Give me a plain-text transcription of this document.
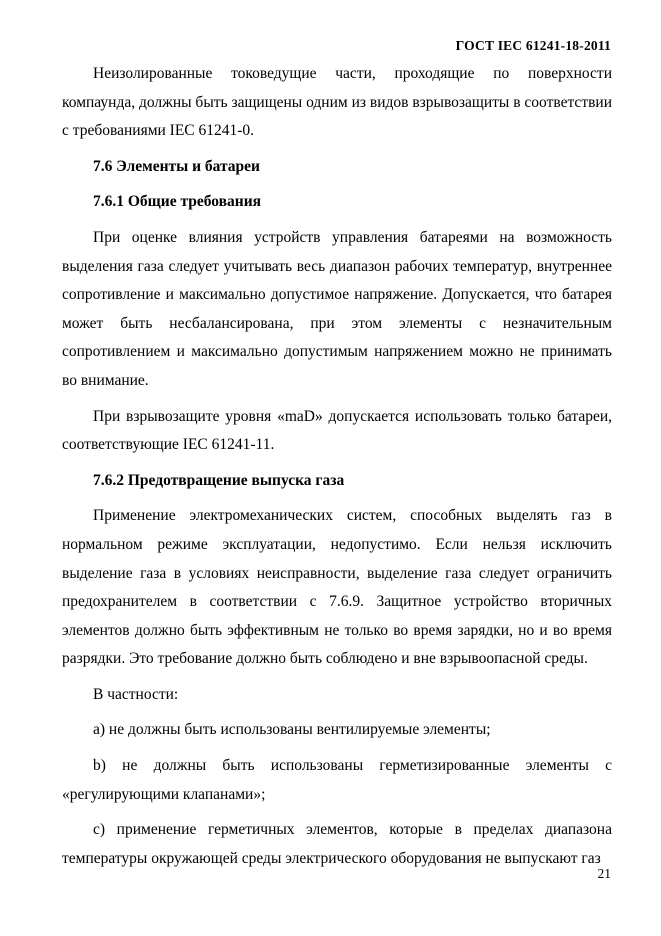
ГОСТ IEC 61241-18-2011

Неизолированные токоведущие части, проходящие по поверхности компаунда, должны быть защищены одним из видов взрывозащиты в соответствии с требованиями IEC 61241-0.

7.6 Элементы и батареи
7.6.1 Общие требования

При оценке влияния устройств управления батареями на возможность выделения газа следует учитывать весь диапазон рабочих температур, внутреннее сопротивление и максимально допустимое напряжение. Допускается, что батарея может быть несбалансирована, при этом элементы с незначительным сопротивлением и максимально допустимым напряжением можно не принимать во внимание.

При взрывозащите уровня «maD» допускается использовать только батареи, соответствующие IEC 61241-11.

7.6.2 Предотвращение выпуска газа

Применение электромеханических систем, способных выделять газ в нормальном режиме эксплуатации, недопустимо. Если нельзя исключить выделение газа в условиях неисправности, выделение газа следует ограничить предохранителем в соответствии с 7.6.9. Защитное устройство вторичных элементов должно быть эффективным не только во время зарядки, но и во время разрядки. Это требование должно быть соблюдено и вне взрывоопасной среды.

В частности:

a) не должны быть использованы вентилируемые элементы;

b) не должны быть использованы герметизированные элементы с «регулирующими клапанами»;

c) применение герметичных элементов, которые в пределах диапазона температуры окружающей среды электрического оборудования не выпускают газ

21
